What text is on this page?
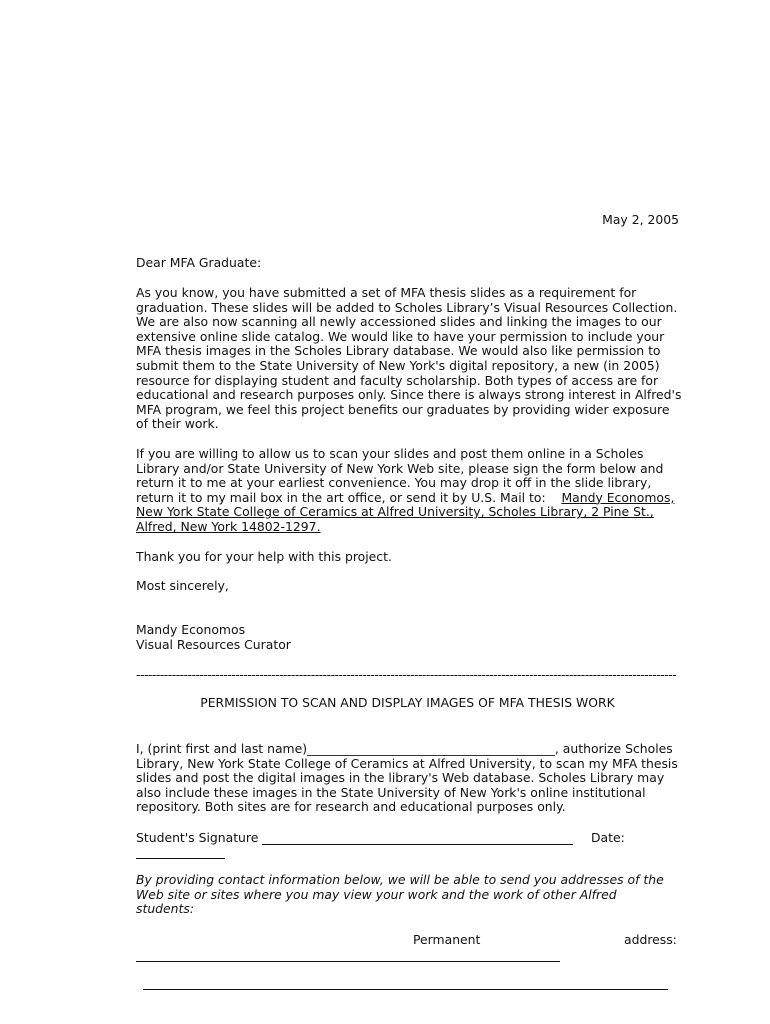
May 2, 2005

Dear MFA Graduate:

As you know, you have submitted a set of MFA thesis slides as a requirement for graduation. These slides will be added to Scholes Library’s Visual Resources Collection. We are also now scanning all newly accessioned slides and linking the images to our extensive online slide catalog. We would like to have your permission to include your MFA thesis images in the Scholes Library database. We would also like permission to submit them to the State University of New York's digital repository, a new (in 2005) resource for displaying student and faculty scholarship. Both types of access are for educational and research purposes only. Since there is always strong interest in Alfred's MFA program, we feel this project benefits our graduates by providing wider exposure of their work.

If you are willing to allow us to scan your slides and post them online in a Scholes Library and/or State University of New York Web site, please sign the form below and return it to me at your earliest convenience. You may drop it off in the slide library, return it to my mail box in the art office, or send it by U.S. Mail to: Mandy Economos, New York State College of Ceramics at Alfred University, Scholes Library, 2 Pine St., Alfred, New York 14802-1297.

Thank you for your help with this project.

Most sincerely,

Mandy Economos

Visual Resources Curator

----------------------------------------------------------------------------------------------------------------------------------------

PERMISSION TO SCAN AND DISPLAY IMAGES OF MFA THESIS WORK

I, (print first and last name)________________________________________, authorize Scholes Library, New York State College of Ceramics at Alfred University, to scan my MFA thesis slides and post the digital images in the library's Web database. Scholes Library may also include these images in the State University of New York's online institutional repository. Both sites are for research and educational purposes only.

Student's Signature	Date:

By providing contact information below, we will be able to send you addresses of the Web site or sites where you may view your work and the work of other Alfred students:

Permanent	address:
